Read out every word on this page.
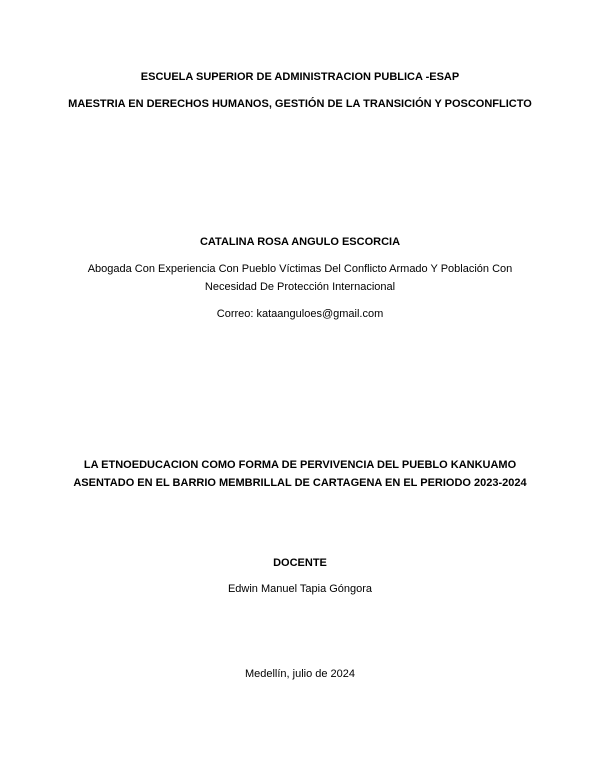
ESCUELA SUPERIOR DE ADMINISTRACION PUBLICA -ESAP
MAESTRIA EN DERECHOS HUMANOS, GESTIÓN DE LA TRANSICIÓN Y POSCONFLICTO
CATALINA ROSA ANGULO ESCORCIA
Abogada Con Experiencia Con Pueblo Víctimas Del Conflicto Armado Y Población Con
Necesidad De Protección Internacional
Correo: kataanguloes@gmail.com
LA ETNOEDUCACION COMO FORMA DE PERVIVENCIA DEL PUEBLO KANKUAMO
ASENTADO EN EL BARRIO MEMBRILLAL DE CARTAGENA EN EL PERIODO 2023-2024
DOCENTE
Edwin Manuel Tapia Góngora
Medellín, julio de 2024
